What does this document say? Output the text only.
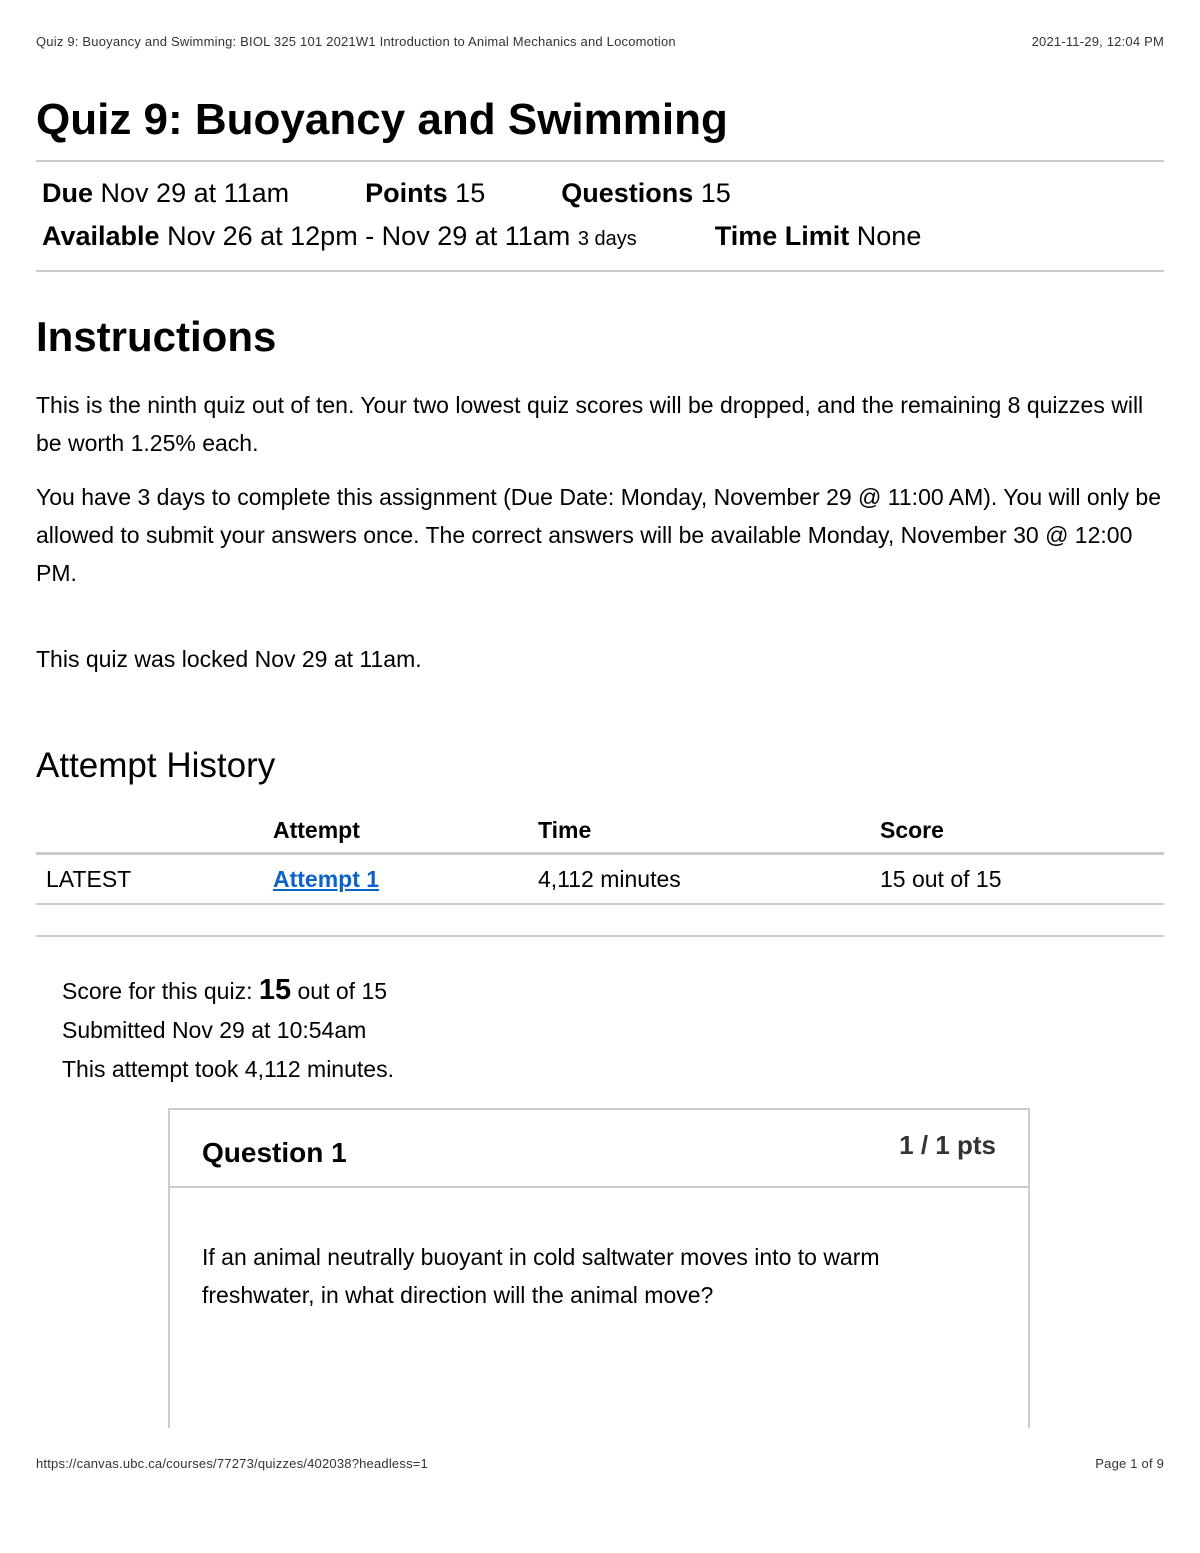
Quiz 9: Buoyancy and Swimming: BIOL 325 101 2021W1 Introduction to Animal Mechanics and Locomotion	2021-11-29, 12:04 PM
Quiz 9: Buoyancy and Swimming
Due Nov 29 at 11am	Points 15	Questions 15
Available Nov 26 at 12pm - Nov 29 at 11am 3 days	Time Limit None
Instructions

This is the ninth quiz out of ten. Your two lowest quiz scores will be dropped, and the remaining 8 quizzes will be worth 1.25% each.

You have 3 days to complete this assignment (Due Date: Monday, November 29 @ 11:00 AM). You will only be allowed to submit your answers once. The correct answers will be available Monday, November 30 @ 12:00 PM.

This quiz was locked Nov 29 at 11am.

Attempt History
	Attempt	Time	Score
LATEST	Attempt 1	4,112 minutes	15 out of 15
Score for this quiz: 15 out of 15
Submitted Nov 29 at 10:54am
This attempt took 4,112 minutes.
Question 1	1 / 1 pts
If an animal neutrally buoyant in cold saltwater moves into to warm freshwater, in what direction will the animal move?
https://canvas.ubc.ca/courses/77273/quizzes/402038?headless=1	Page 1 of 9
